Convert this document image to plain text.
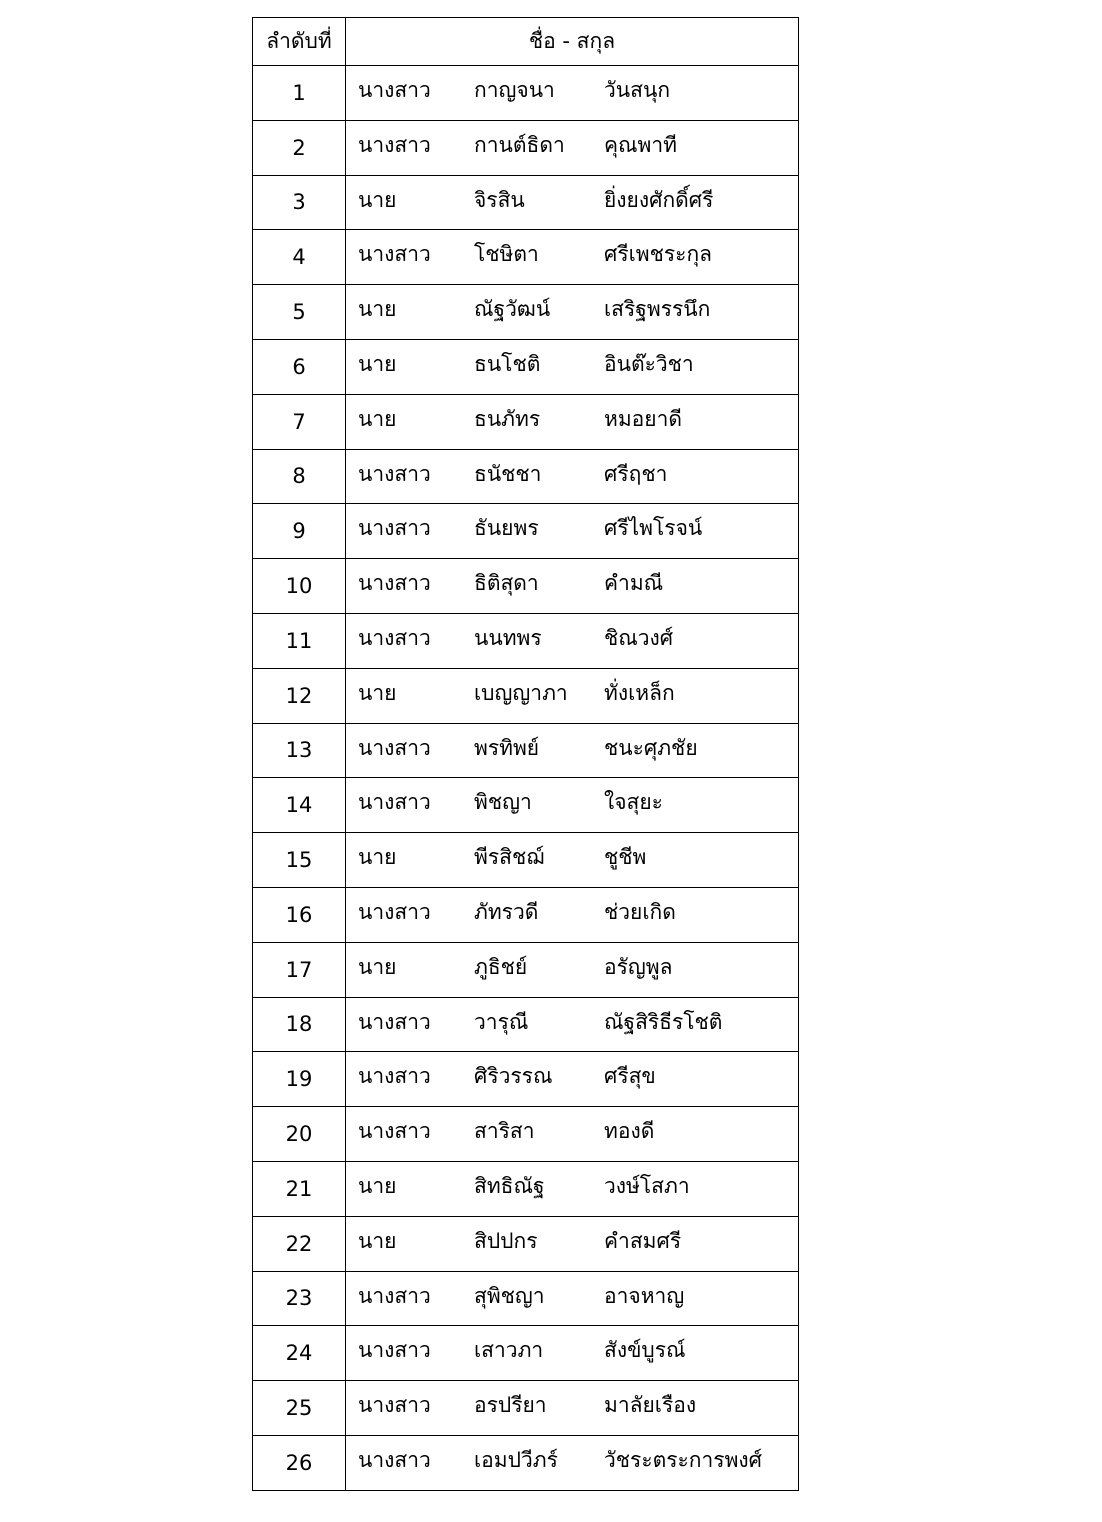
ลำดับที่	ชื่อ - สกุล
1	นางสาว กาญจนา วันสนุก

2	นางสาว กานต์ธิดา คุณพาที

3	นาย จิรสิน ยิ่งยงศักดิ์ศรี

4	นางสาว โชษิตา ศรีเพชระกุล

5	นาย ณัฐวัฒน์ เสริฐพรรนึก

6	นาย ธนโชติ อินต๊ะวิชา

7	นาย ธนภัทร หมอยาดี

8	นางสาว ธนัชชา ศรีฤชา

9	นางสาว ธันยพร ศรีไพโรจน์

10	นางสาว ธิติสุดา คำมณี

11	นางสาว นนทพร ชิณวงศ์

12	นาย เบญญาภา ทั่งเหล็ก

13	นางสาว พรทิพย์ ชนะศุภชัย

14	นางสาว พิชญา ใจสุยะ

15	นาย พีรสิชฌ์ ชูชีพ

16	นางสาว ภัทรวดี ช่วยเกิด

17	นาย ภูธิชย์ อรัญพูล

18	นางสาว วารุณี ณัฐสิริธีรโชติ

19	นางสาว ศิริวรรณ ศรีสุข

20	นางสาว สาริสา ทองดี

21	นาย สิทธิณัฐ วงษ์โสภา

22	นาย สิปปกร คำสมศรี

23	นางสาว สุพิชญา อาจหาญ

24	นางสาว เสาวภา สังข์บูรณ์

25	นางสาว อรปรียา มาลัยเรือง

26	นางสาว เอมปวีภร์ วัชระตระการพงศ์
